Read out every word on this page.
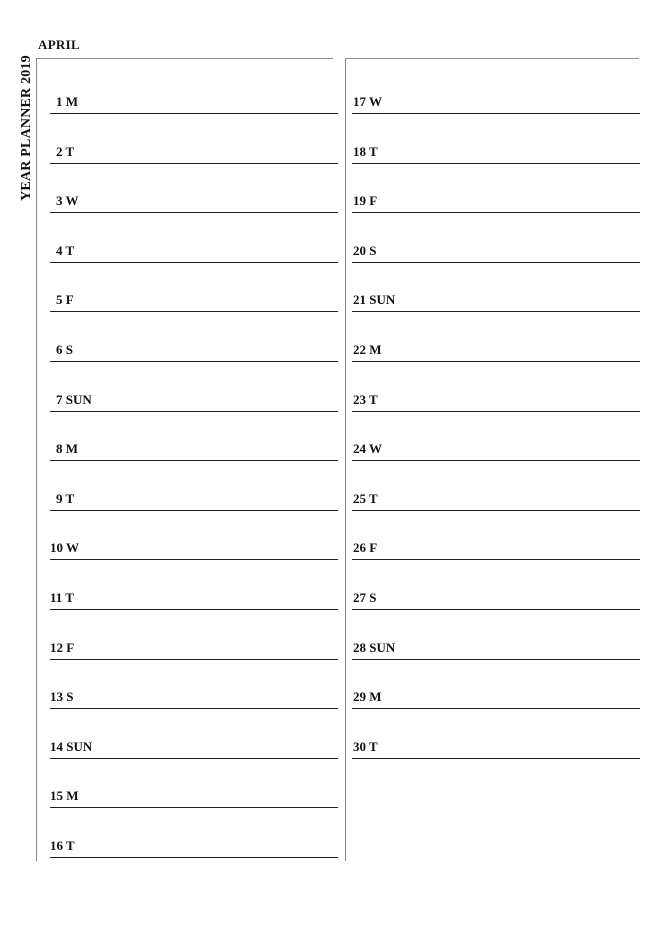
YEAR PLANNER 2019
APRIL
1 M
2 T
3 W
4 T
5 F
6 S
7 SUN
8 M
9 T
10 W
11 T
12 F
13 S
14 SUN
15 M
16 T
17 W
18 T
19 F
20 S
21 SUN
22 M
23 T
24 W
25 T
26 F
27 S
28 SUN
29 M
30 T
